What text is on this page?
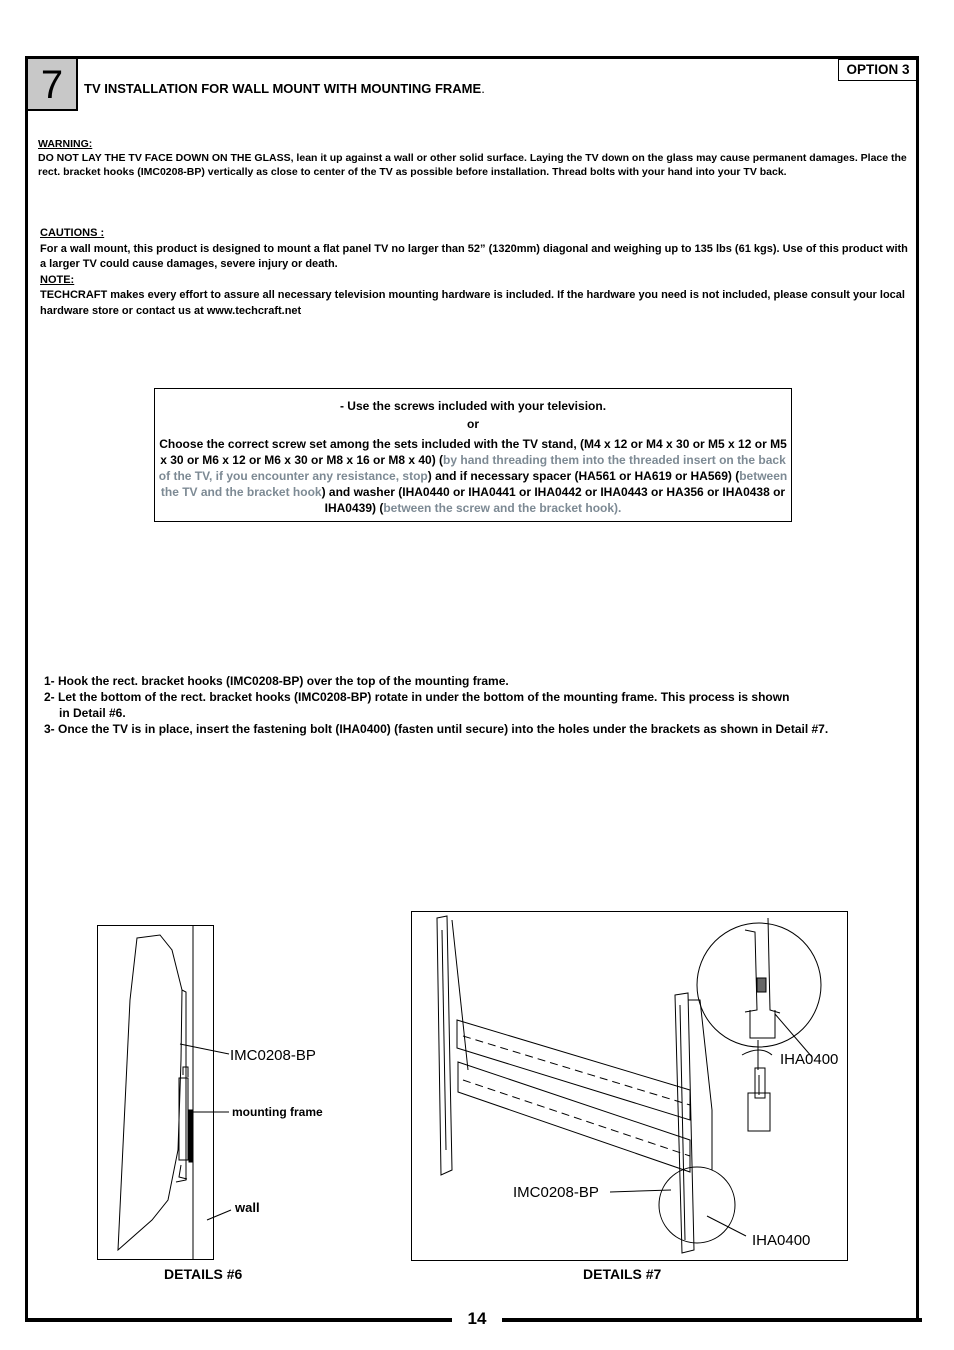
14
7	TV INSTALLATION FOR WALL MOUNT WITH MOUNTING FRAME.
OPTION 3
WARNING:
DO NOT LAY THE TV FACE DOWN ON THE GLASS, lean it up against a wall or other solid surface. Laying the TV down on the glass may cause permanent damages. Place the rect. bracket hooks (IMC0208-BP) vertically as close to center of the TV as possible before installation. Thread bolts with your hand into your TV back.
CAUTIONS :
For a wall mount, this product is designed to mount a flat panel TV no larger than 52” (1320mm) diagonal and weighing up to 135 lbs (61 kgs). Use of this product with a larger TV could cause damages, severe injury or death.
NOTE:
TECHCRAFT makes every effort to assure all necessary television mounting hardware is included. If the hardware you need is not included, please consult your local hardware store or contact us at www.techcraft.net

- Use the screws included with your television.

or

Choose the correct screw set among the sets included with the TV stand, (M4 x 12 or M4 x 30 or M5 x 12 or M5 x 30 or M6 x 12 or M6 x 30 or M8 x 16 or M8 x 40) (by hand threading them into the threaded insert on the back of the TV, if you encounter any resistance, stop) and if necessary spacer (HA561 or HA619 or HA569) (between the TV and the bracket hook) and washer (IHA0440 or IHA0441 or IHA0442 or IHA0443 or HA356 or IHA0438 or IHA0439) (between the screw and the bracket hook).

1- Hook the rect. bracket hooks (IMC0208-BP) over the top of the mounting frame.

2- Let the bottom of the rect. bracket hooks (IMC0208-BP) rotate in under the bottom of the mounting frame. This process is shown

in Detail #6.

3- Once the TV is in place, insert the fastening bolt (IHA0400) (fasten until secure) into the holes under the brackets as shown in Detail #7.

IMC0208-BP
mounting frame
wall
DETAILS #6
IHA0400
IMC0208-BP
IHA0400
DETAILS #7
